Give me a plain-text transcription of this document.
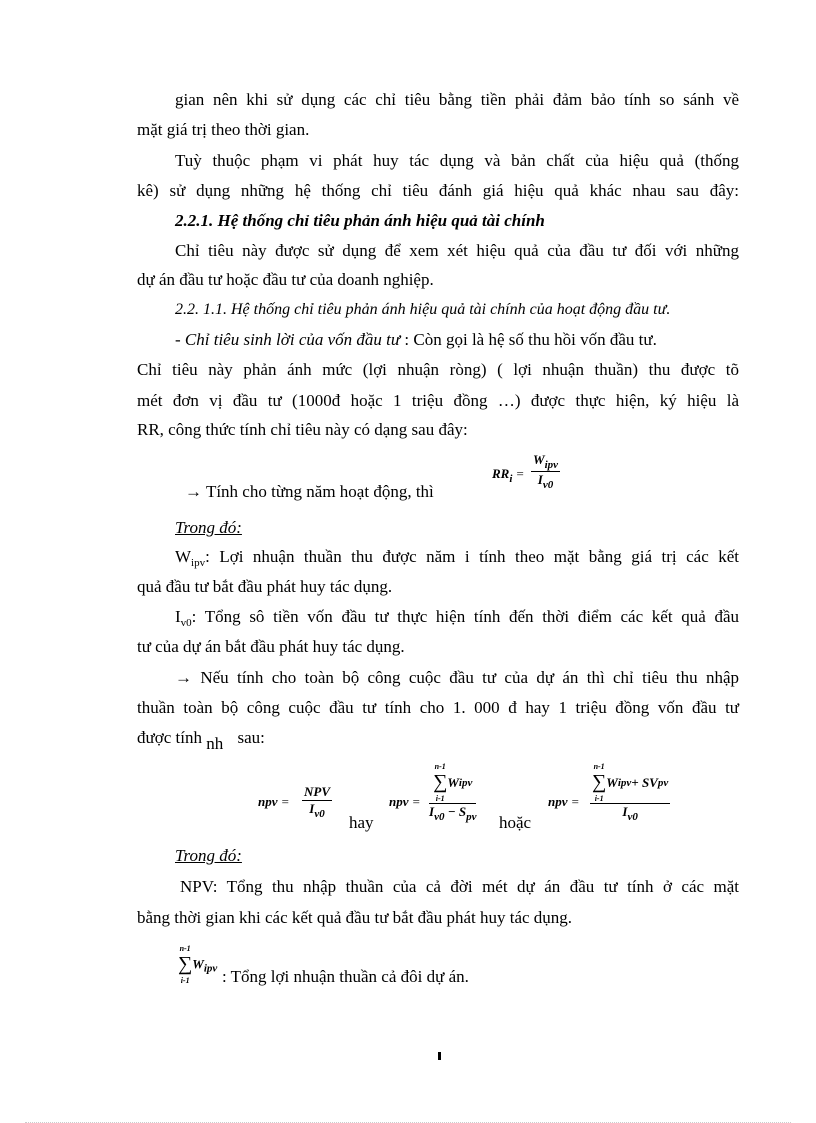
gian nên khi sử dụng các chỉ tiêu bằng tiền phải đảm bảo tính so sánh về
mặt giá trị theo thời gian.
Tuỳ thuộc phạm vi phát huy tác dụng và bản chất của hiệu quả (thống
kê) sử dụng những hệ thống chỉ tiêu đánh giá hiệu quả khác nhau sau đây:
2.2.1. Hệ thống chỉ tiêu phản ánh hiệu quả tài chính
Chỉ tiêu này được sử dụng để xem xét hiệu quả của đầu tư đối với những
dự án đầu tư hoặc đầu tư của doanh nghiệp.
2.2. 1.1. Hệ thống chỉ tiêu phản ánh hiệu quả tài chính của hoạt động đầu tư.
- Chỉ tiêu sinh lời của vốn đầu tư : Còn gọi là hệ số thu hồi vốn đầu tư.
Chỉ tiêu này phản ánh mức (lợi nhuận ròng) ( lợi nhuận thuần) thu được tõ
mét đơn vị đầu tư (1000đ hoặc 1 triệu đồng …) được thực hiện, ký hiệu là
RR, công thức tính chỉ tiêu này có dạng sau đây:
→ Tính cho từng năm hoạt động, thì
$RR_i$ =
$W_{ipv}$
$I_{v0}$
Trong đó:
$W_{ipv}$: Lợi nhuận thuần thu được năm i tính theo mặt bằng giá trị các kết
quả đầu tư bắt đầu phát huy tác dụng.
$I_{v0}$: Tổng sô tiền vốn đầu tư thực hiện tính đến thời điểm các kết quả đầu
tư của dự án bắt đầu phát huy tác dụng.
→ Nếu tính cho toàn bộ công cuộc đầu tư của dự án thì chỉ tiêu thu nhập
thuần toàn bộ công cuộc đầu tư tính cho 1. 000 đ hay 1 triệu đồng vốn đầu tư
được tính nh sau:
npv =
NPV
$I_{v0}$	hay
npv =
n-1
∑
i-1
W ipv
$I_{v0} - S_{pv}$ hoặc
npv =
n-1
∑
i-1
W ipv + SV pv
$I_{v0}$
Trong đó:
NPV: Tổng thu nhập thuần của cả đời mét dự án đầu tư tính ở các mặt
bằng thời gian khi các kết quả đầu tư bắt đầu phát huy tác dụng.
n-1
∑
i-1
$W_{ipv}$ : Tổng lợi nhuận thuần cả đôi dự án.
